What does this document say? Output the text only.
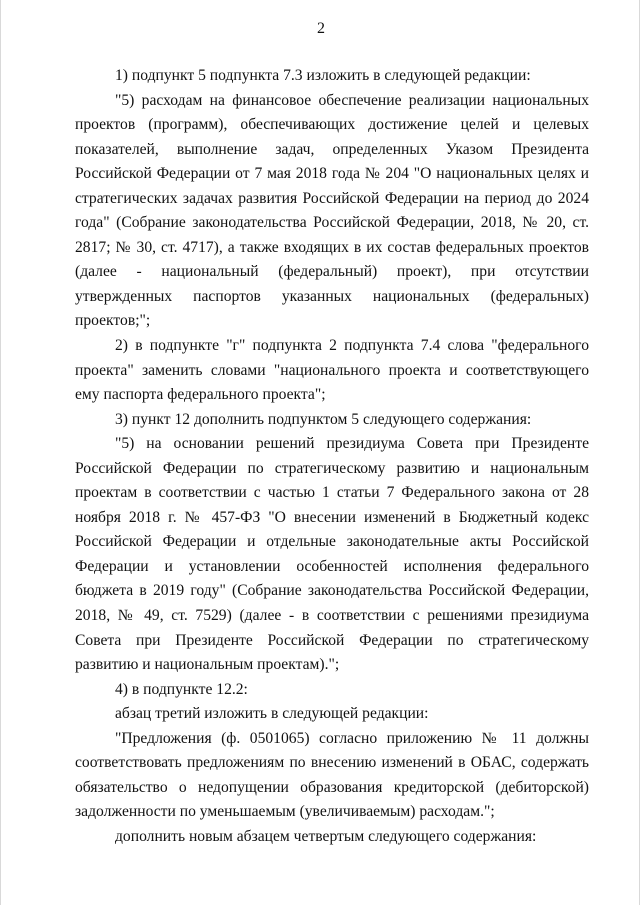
2

1) подпункт 5 подпункта 7.3 изложить в следующей редакции:

"5) расходам на финансовое обеспечение реализации национальных проектов (программ), обеспечивающих достижение целей и целевых показателей, выполнение задач, определенных Указом Президента Российской Федерации от 7 мая 2018 года № 204 "О национальных целях и стратегических задачах развития Российской Федерации на период до 2024 года" (Собрание законодательства Российской Федерации, 2018, № 20, ст. 2817; № 30, ст. 4717), а также входящих в их состав федеральных проектов (далее - национальный (федеральный) проект), при отсутствии утвержденных паспортов указанных национальных (федеральных) проектов;";

2) в подпункте "г" подпункта 2 подпункта 7.4 слова "федерального проекта" заменить словами "национального проекта и соответствующего ему паспорта федерального проекта";

3) пункт 12 дополнить подпунктом 5 следующего содержания:

"5) на основании решений президиума Совета при Президенте Российской Федерации по стратегическому развитию и национальным проектам в соответствии с частью 1 статьи 7 Федерального закона от 28 ноября 2018 г. № 457-ФЗ "О внесении изменений в Бюджетный кодекс Российской Федерации и отдельные законодательные акты Российской Федерации и установлении особенностей исполнения федерального бюджета в 2019 году" (Собрание законодательства Российской Федерации, 2018, № 49, ст. 7529) (далее - в соответствии с решениями президиума Совета при Президенте Российской Федерации по стратегическому развитию и национальным проектам).";

4) в подпункте 12.2:

абзац третий изложить в следующей редакции:

"Предложения (ф. 0501065) согласно приложению № 11 должны соответствовать предложениям по внесению изменений в ОБАС, содержать обязательство о недопущении образования кредиторской (дебиторской) задолженности по уменьшаемым (увеличиваемым) расходам.";

дополнить новым абзацем четвертым следующего содержания:
